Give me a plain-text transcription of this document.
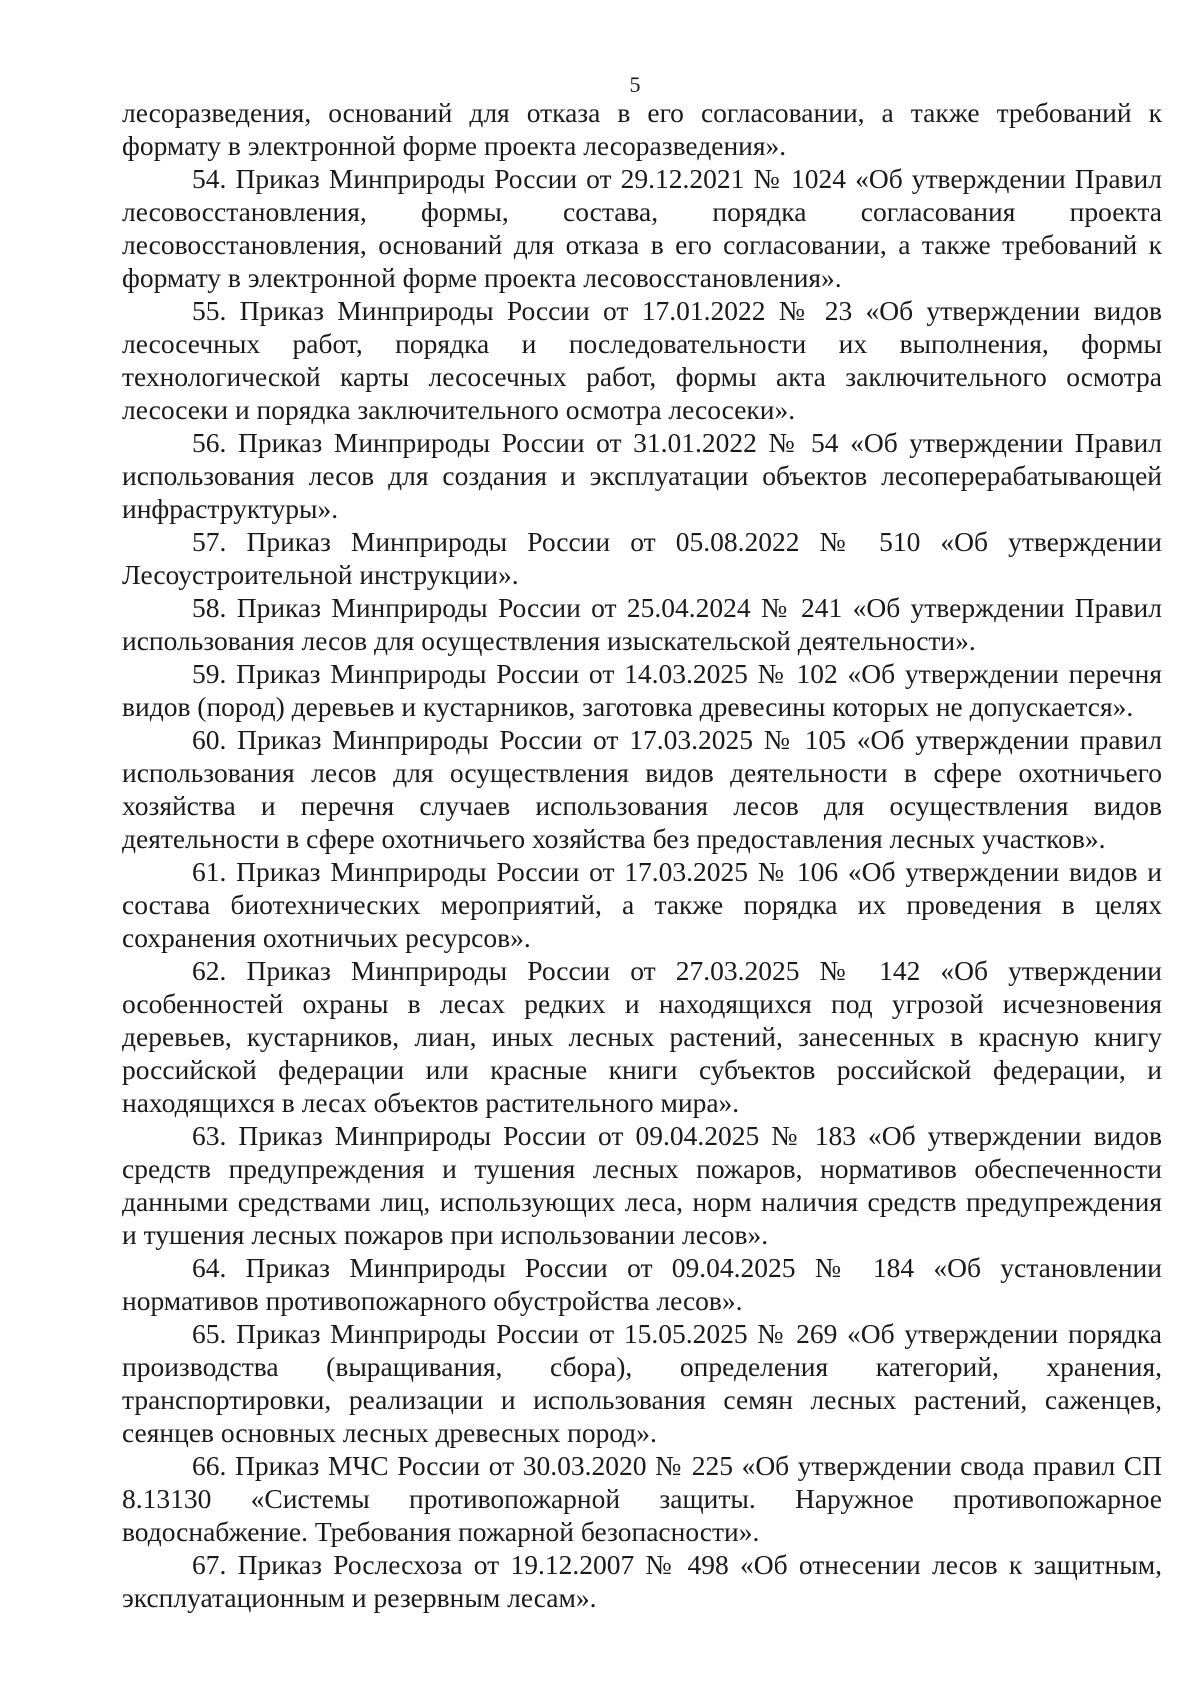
5

лесоразведения, оснований для отказа в его согласовании, а также требований к формату в электронной форме проекта лесоразведения».

54. Приказ Минприроды России от 29.12.2021 № 1024 «Об утверждении Правил лесовосстановления, формы, состава, порядка согласования проекта лесовосстановления, оснований для отказа в его согласовании, а также требований к формату в электронной форме проекта лесовосстановления».

55. Приказ Минприроды России от 17.01.2022 № 23 «Об утверждении видов лесосечных работ, порядка и последовательности их выполнения, формы технологической карты лесосечных работ, формы акта заключительного осмотра лесосеки и порядка заключительного осмотра лесосеки».

56. Приказ Минприроды России от 31.01.2022 № 54 «Об утверждении Правил использования лесов для создания и эксплуатации объектов лесоперерабатывающей инфраструктуры».

57. Приказ Минприроды России от 05.08.2022 № 510 «Об утверждении Лесоустроительной инструкции».

58. Приказ Минприроды России от 25.04.2024 № 241 «Об утверждении Правил использования лесов для осуществления изыскательской деятельности».

59. Приказ Минприроды России от 14.03.2025 № 102 «Об утверждении перечня видов (пород) деревьев и кустарников, заготовка древесины которых не допускается».

60. Приказ Минприроды России от 17.03.2025 № 105 «Об утверждении правил использования лесов для осуществления видов деятельности в сфере охотничьего хозяйства и перечня случаев использования лесов для осуществления видов деятельности в сфере охотничьего хозяйства без предоставления лесных участков».

61. Приказ Минприроды России от 17.03.2025 № 106 «Об утверждении видов и состава биотехнических мероприятий, а также порядка их проведения в целях сохранения охотничьих ресурсов».

62. Приказ Минприроды России от 27.03.2025 № 142 «Об утверждении особенностей охраны в лесах редких и находящихся под угрозой исчезновения деревьев, кустарников, лиан, иных лесных растений, занесенных в красную книгу российской федерации или красные книги субъектов российской федерации, и находящихся в лесах объектов растительного мира».

63. Приказ Минприроды России от 09.04.2025 № 183 «Об утверждении видов средств предупреждения и тушения лесных пожаров, нормативов обеспеченности данными средствами лиц, использующих леса, норм наличия средств предупреждения и тушения лесных пожаров при использовании лесов».

64. Приказ Минприроды России от 09.04.2025 № 184 «Об установлении нормативов противопожарного обустройства лесов».

65. Приказ Минприроды России от 15.05.2025 № 269 «Об утверждении порядка производства (выращивания, сбора), определения категорий, хранения, транспортировки, реализации и использования семян лесных растений, саженцев, сеянцев основных лесных древесных пород».

66. Приказ МЧС России от 30.03.2020 № 225 «Об утверждении свода правил СП 8.13130 «Системы противопожарной защиты. Наружное противопожарное водоснабжение. Требования пожарной безопасности».

67. Приказ Рослесхоза от 19.12.2007 № 498 «Об отнесении лесов к защитным, эксплуатационным и резервным лесам».
